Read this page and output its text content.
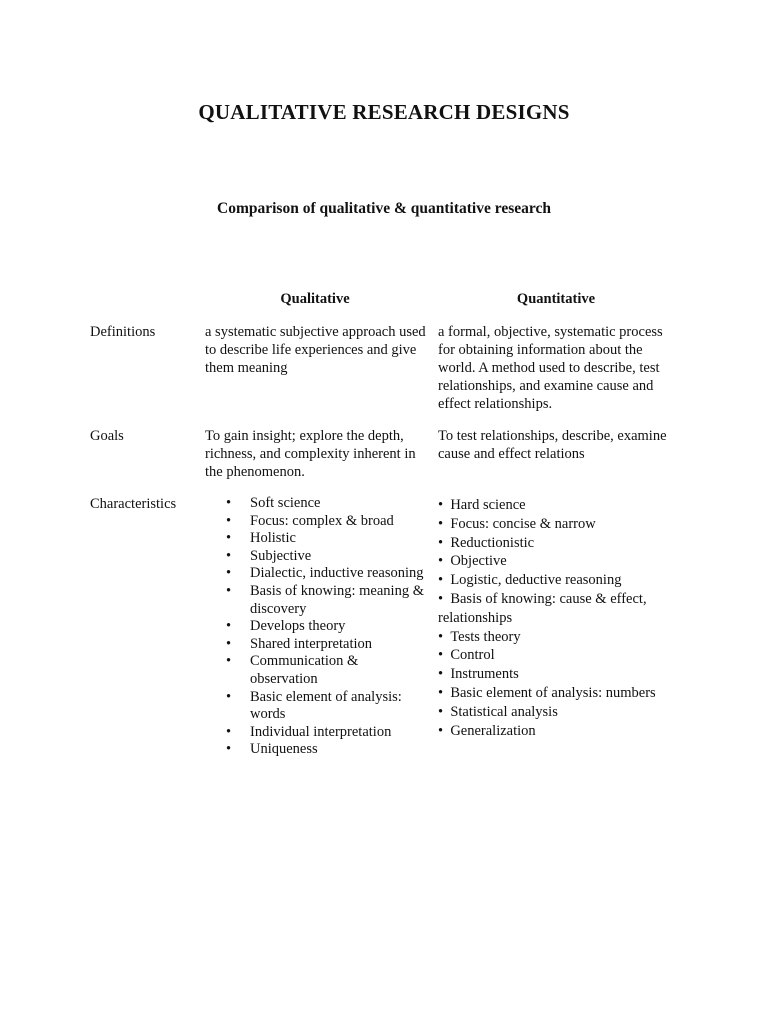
QUALITATIVE RESEARCH DESIGNS
Comparison of qualitative & quantitative research
Qualitative	Quantitative
Definitions	a systematic subjective approach used to describe life experiences and give them meaning
a formal, objective, systematic process for obtaining information about the world. A method used to describe, test relationships, and examine cause and effect relationships.
Goals	To gain insight; explore the depth, richness, and complexity inherent in the phenomenon.
To test relationships, describe, examine cause and effect relations
Characteristics
•	Soft science
• Focus: complex & broad
• Holistic
• Subjective
• Dialectic, inductive reasoning
• Basis of knowing: meaning & discovery
• Develops theory
• Shared interpretation
• Communication & observation
• Basic element of analysis: words
• Individual interpretation
• Uniqueness
•  Hard science
•  Focus: concise & narrow
•  Reductionistic
•  Objective
•  Logistic, deductive reasoning
•  Basis of knowing: cause & effect, relationships
•  Tests theory
•  Control
•  Instruments
•  Basic element of analysis: numbers
•  Statistical analysis
•  Generalization
